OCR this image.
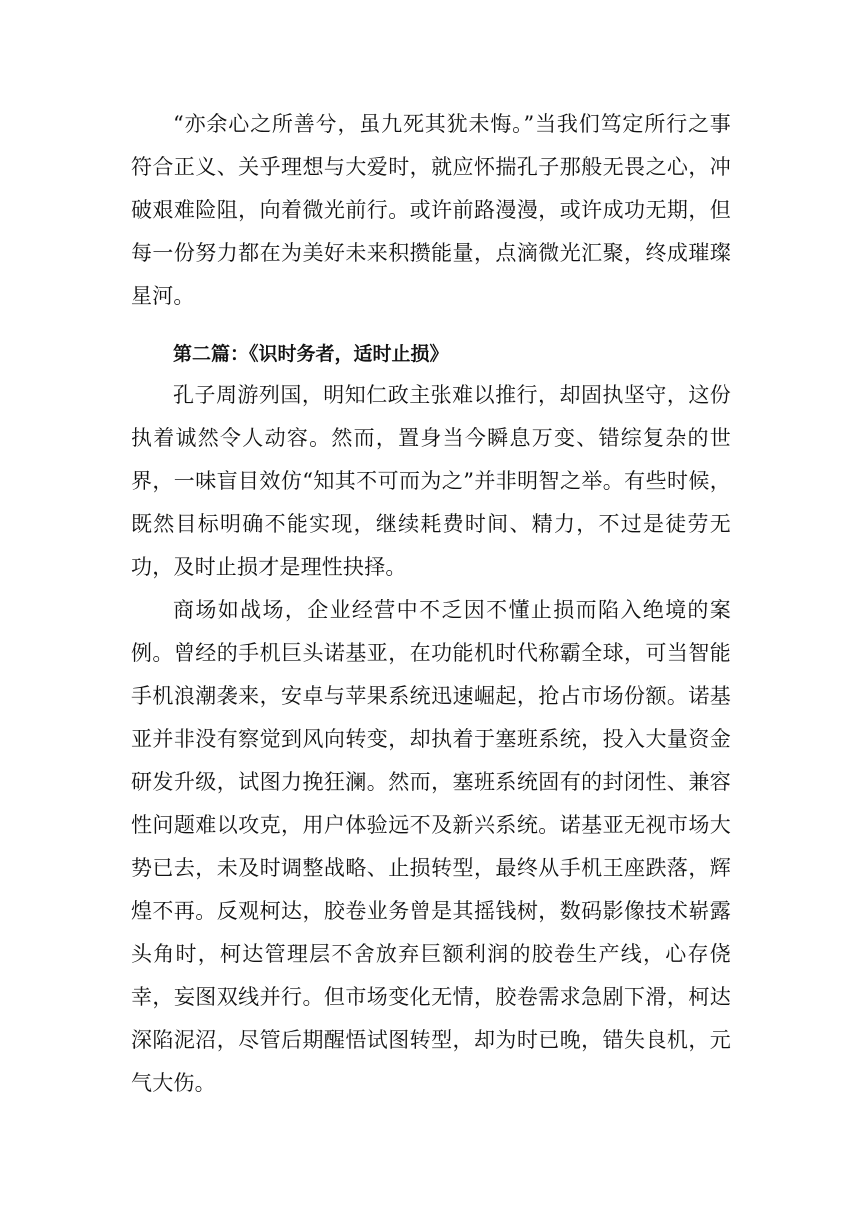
“亦余心之所善兮，虽九死其犹未悔。”当我们笃定所行之事符合正义、关乎理想与大爱时，就应怀揣孔子那般无畏之心，冲破艰难险阻，向着微光前行。或许前路漫漫，或许成功无期，但每一份努力都在为美好未来积攒能量，点滴微光汇聚，终成璀璨星河。

第二篇：《识时务者，适时止损》

孔子周游列国，明知仁政主张难以推行，却固执坚守，这份执着诚然令人动容。然而，置身当今瞬息万变、错综复杂的世界，一味盲目效仿“知其不可而为之”并非明智之举。有些时候，既然目标明确不能实现，继续耗费时间、精力，不过是徒劳无功，及时止损才是理性抉择。

商场如战场，企业经营中不乏因不懂止损而陷入绝境的案例。曾经的手机巨头诺基亚，在功能机时代称霸全球，可当智能手机浪潮袭来，安卓与苹果系统迅速崛起，抢占市场份额。诺基亚并非没有察觉到风向转变，却执着于塞班系统，投入大量资金研发升级，试图力挽狂澜。然而，塞班系统固有的封闭性、兼容性问题难以攻克，用户体验远不及新兴系统。诺基亚无视市场大势已去，未及时调整战略、止损转型，最终从手机王座跌落，辉煌不再。反观柯达，胶卷业务曾是其摇钱树，数码影像技术崭露头角时，柯达管理层不舍放弃巨额利润的胶卷生产线，心存侥幸，妄图双线并行。但市场变化无情，胶卷需求急剧下滑，柯达深陷泥沼，尽管后期醒悟试图转型，却为时已晚，错失良机，元气大伤。
